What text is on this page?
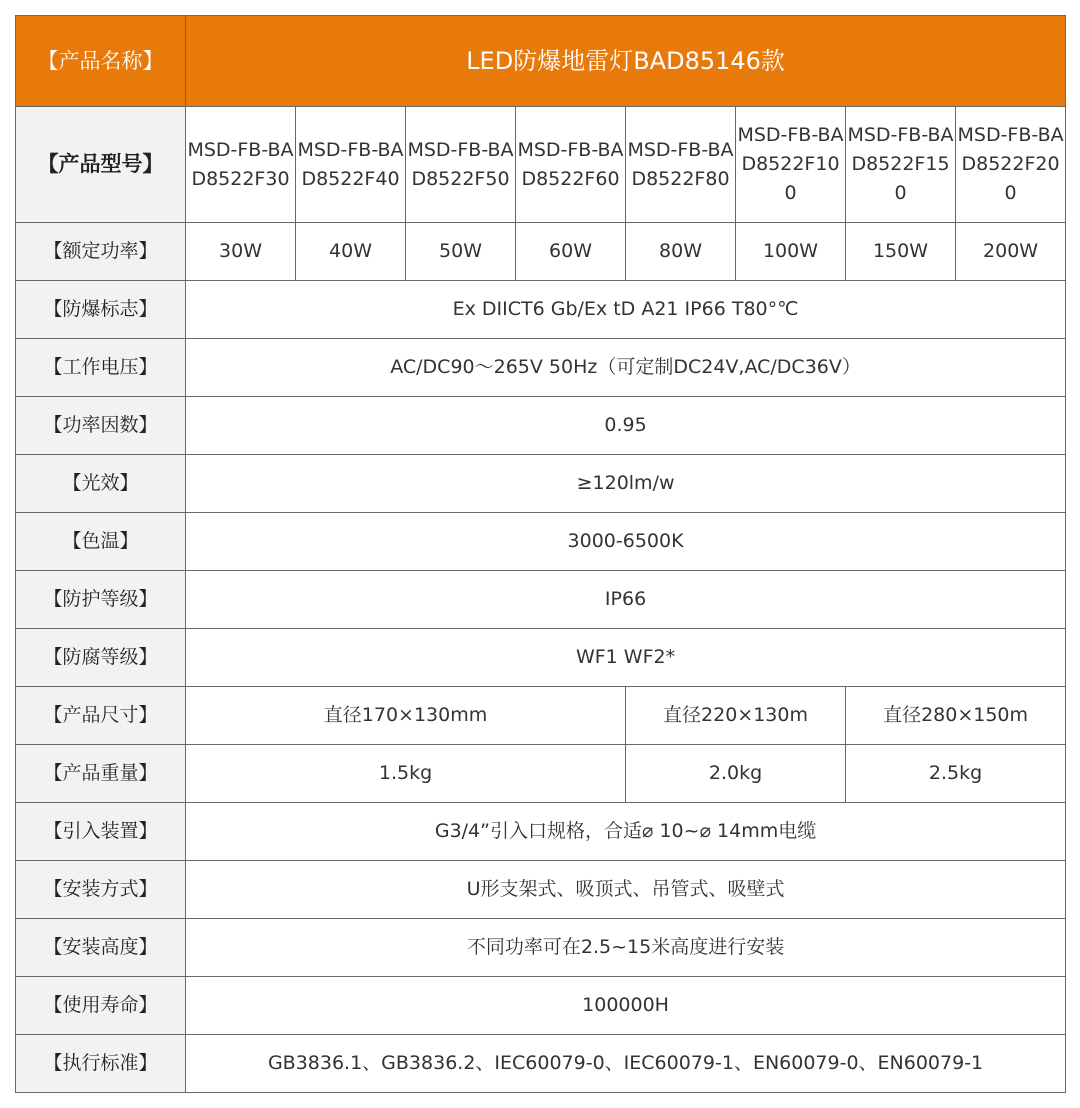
【产品名称】	LED防爆地雷灯BAD85146款							
【产品型号】	MSD-FB-BAD8522F30	MSD-FB-BAD8522F40	MSD-FB-BAD8522F50	MSD-FB-BAD8522F60	MSD-FB-BAD8522F80	MSD-FB-BAD8522F100	MSD-FB-BAD8522F150	MSD-FB-BAD8522F200
【额定功率】	30W	40W	50W	60W	80W	100W	150W	200W
【防爆标志】	Ex DIICT6 Gb/Ex tD A21 IP66 T80°℃							
【工作电压】	AC/DC90～265V 50Hz（可定制DC24V,AC/DC36V）							
【功率因数】	0.95							
【光效】	≥120lm/w							
【色温】	3000-6500K							
【防护等级】	IP66							
【防腐等级】	WF1 WF2*							
【产品尺寸】	直径170×130mm				直径220×130m		直径280×150m	
【产品重量】	1.5kg				2.0kg		2.5kg	
【引入装置】	G3/4”引入口规格，合适⌀ 10~⌀ 14mm电缆							
【安装方式】	U形支架式、吸顶式、吊管式、吸壁式							
【安装高度】	不同功率可在2.5~15米高度进行安装							
【使用寿命】	100000H							
【执行标准】	GB3836.1、GB3836.2、IEC60079-0、IEC60079-1、EN60079-0、EN60079-1							
